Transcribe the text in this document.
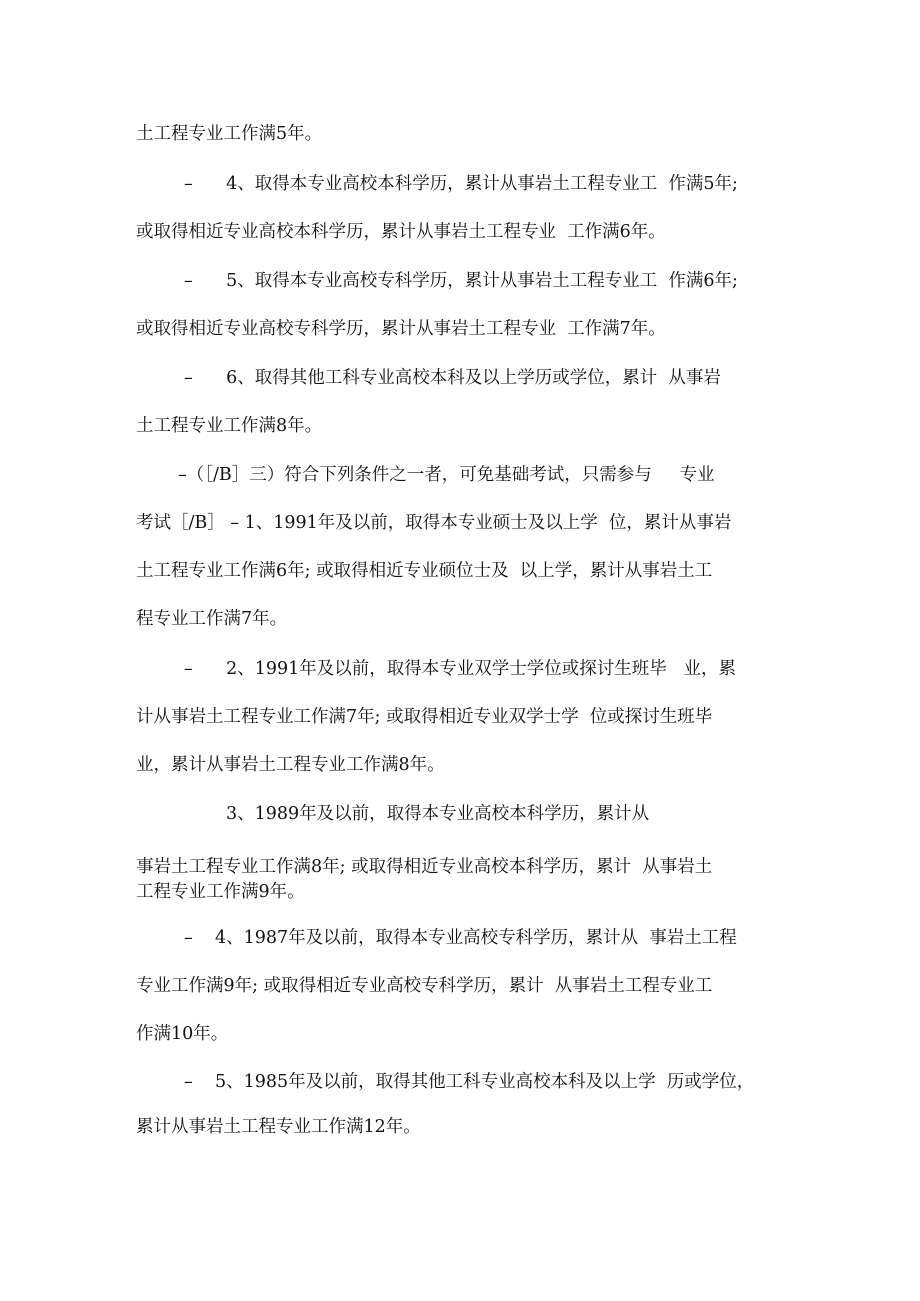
土工程专业工作满5年。
–      4、取得本专业高校本科学历，累计从事岩土工程专业工  作满5年;
或取得相近专业高校本科学历，累计从事岩土工程专业  工作满6年。
–      5、取得本专业高校专科学历，累计从事岩土工程专业工  作满6年;
或取得相近专业高校专科学历，累计从事岩土工程专业  工作满7年。
–      6、取得其他工科专业高校本科及以上学历或学位，累计  从事岩
土工程专业工作满8年。
–（［/B］三）符合下列条件之一者，可免基础考试，只需参与     专业
考试［/B］ – 1、1991年及以前，取得本专业硕士及以上学  位，累计从事岩
土工程专业工作满6年; 或取得相近专业硕位士及  以上学，累计从事岩土工
程专业工作满7年。
–      2、1991年及以前，取得本专业双学士学位或探讨生班毕   业，累
计从事岩土工程专业工作满7年; 或取得相近专业双学士学  位或探讨生班毕
业，累计从事岩土工程专业工作满8年。
3、1989年及以前，取得本专业高校本科学历，累计从
事岩土工程专业工作满8年; 或取得相近专业高校本科学历，累计  从事岩土
工程专业工作满9年。
–    4、1987年及以前，取得本专业高校专科学历，累计从  事岩土工程
专业工作满9年; 或取得相近专业高校专科学历，累计  从事岩土工程专业工
作满10年。
–    5、1985年及以前，取得其他工科专业高校本科及以上学  历或学位，
累计从事岩土工程专业工作满12年。
